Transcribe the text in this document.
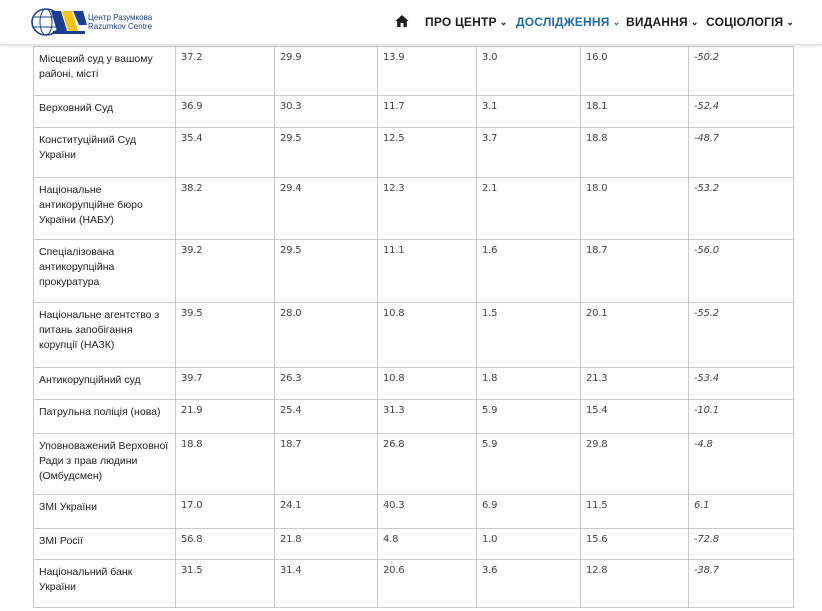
Центр Разумкова
Razumkov Centre	ПРО ЦЕНТР ⌄ ДОСЛІДЖЕННЯ ⌄ ВИДАННЯ ⌄ СОЦІОЛОГІЯ ⌄
Місцевий суд у вашому районі, місті	37.2	29.9	13.9	3.0	16.0	-50.2
Верховний Суд	36.9	30.3	11.7	3.1	18.1	-52.4
Конституційний Суд України	35.4	29.5	12.5	3.7	18.8	-48.7
Національне антикорупційне бюро України (НАБУ)	38.2	29.4	12.3	2.1	18.0	-53.2
Спеціалізована антикорупційна прокуратура	39.2	29.5	11.1	1.6	18.7	-56.0
Національне агентство з питань запобігання корупції (НАЗК)	39.5	28.0	10.8	1.5	20.1	-55.2
Антикорупційний суд	39.7	26.3	10.8	1.8	21.3	-53.4
Патрульна поліція (нова)	21.9	25.4	31.3	5.9	15.4	-10.1
Уповноважений Верховної Ради з прав людини (Омбудсмен)	18.8	18.7	26.8	5.9	29.8	-4.8
ЗМІ України	17.0	24.1	40.3	6.9	11.5	6.1
ЗМІ Росії	56.8	21.8	4.8	1.0	15.6	-72.8
Національний банк України	31.5	31.4	20.6	3.6	12.8	-38.7
